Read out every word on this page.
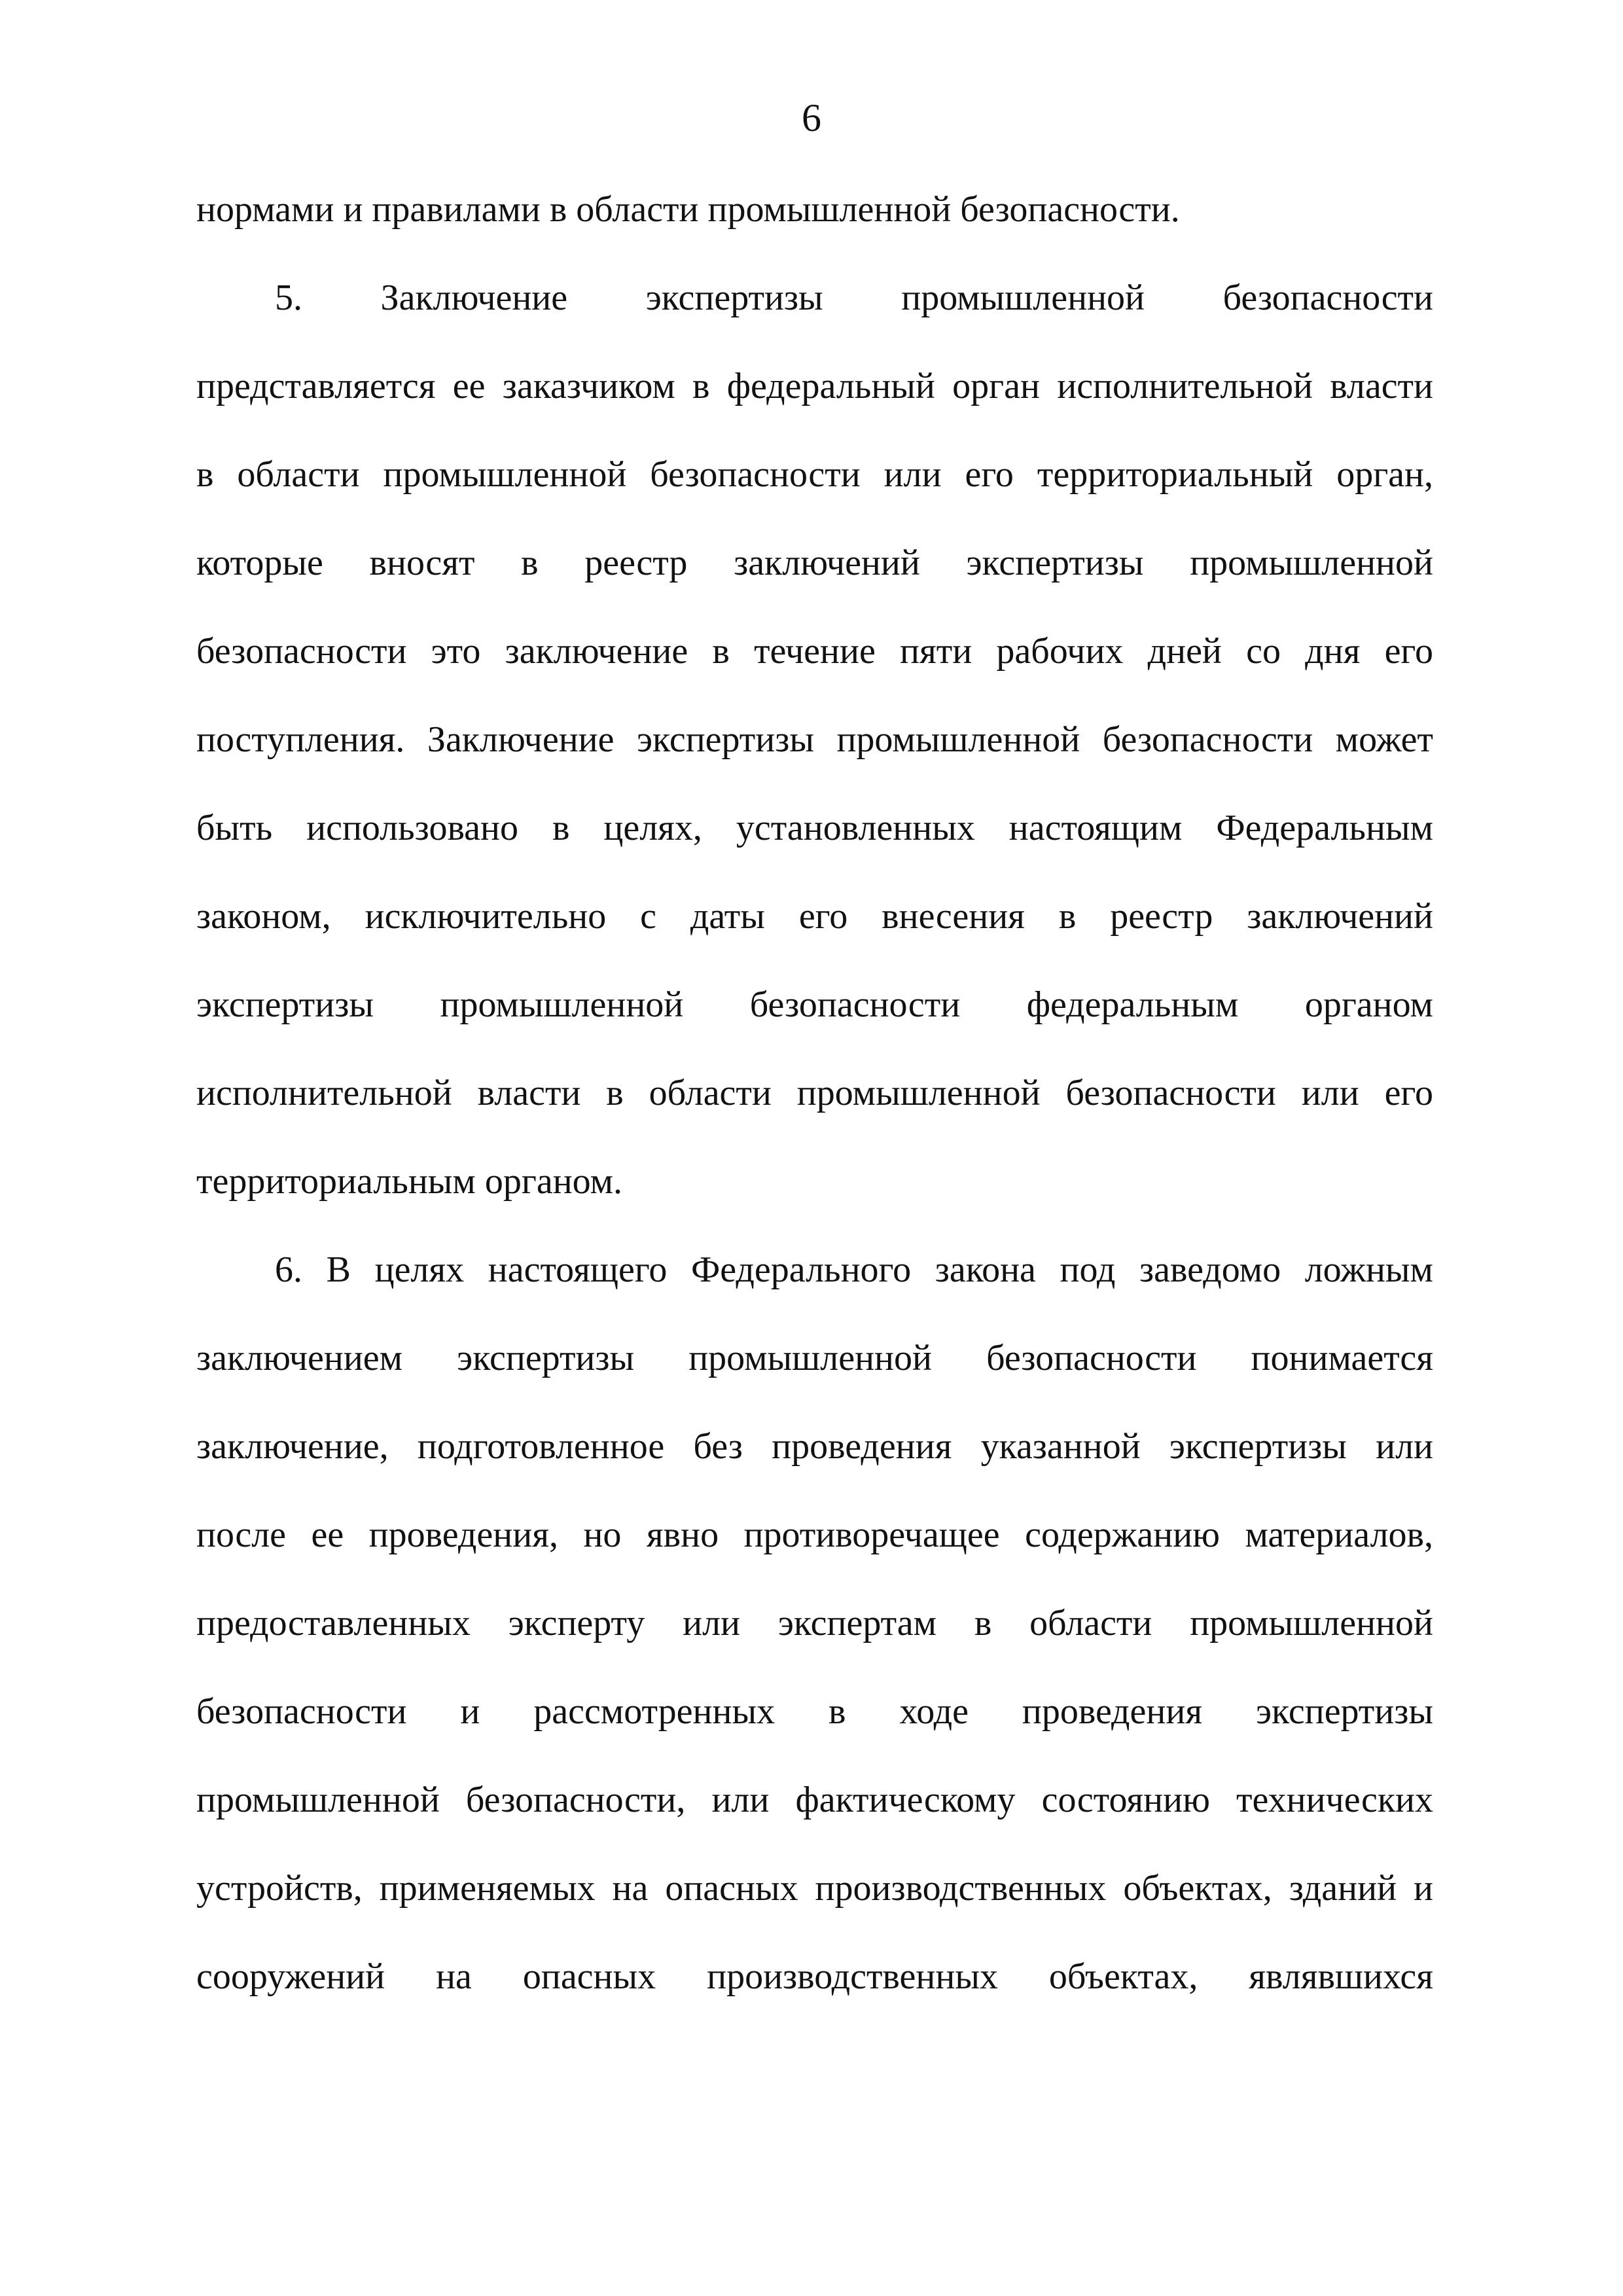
6
нормами и правилами в области промышленной безопасности.
5. Заключение экспертизы промышленной безопасности
представляется ее заказчиком в федеральный орган исполнительной власти
в области промышленной безопасности или его территориальный орган,
которые вносят в реестр заключений экспертизы промышленной
безопасности это заключение в течение пяти рабочих дней со дня его
поступления. Заключение экспертизы промышленной безопасности может
быть использовано в целях, установленных настоящим Федеральным
законом, исключительно с даты его внесения в реестр заключений
экспертизы промышленной безопасности федеральным органом
исполнительной власти в области промышленной безопасности или его
территориальным органом.
6. В целях настоящего Федерального закона под заведомо ложным
заключением экспертизы промышленной безопасности понимается
заключение, подготовленное без проведения указанной экспертизы или
после ее проведения, но явно противоречащее содержанию материалов,
предоставленных эксперту или экспертам в области промышленной
безопасности и рассмотренных в ходе проведения экспертизы
промышленной безопасности, или фактическому состоянию технических
устройств, применяемых на опасных производственных объектах, зданий и
сооружений на опасных производственных объектах, являвшихся
